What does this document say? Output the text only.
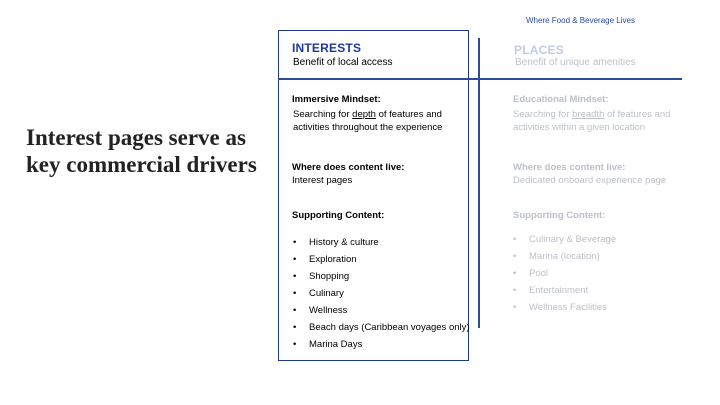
Where Food & Beverage Lives
Interest pages serve as key commercial drivers
INTERESTS
Benefit of local access
Immersive Mindset:
Searching for depth of features and activities throughout the experience
Where does content live:
Interest pages
Supporting Content:
• History & culture
• Exploration
• Shopping
• Culinary
• Wellness
• Beach days (Caribbean voyages only)
• Marina Days
PLACES
Benefit of unique amenities
Educational Mindset:
Searching for breadth of features and activities within a given location
Where does content live:
Dedicated onboard experience page
Supporting Content:
• Culinary & Beverage
• Marina (location)
• Pool
• Entertainment
• Wellness Facilities
